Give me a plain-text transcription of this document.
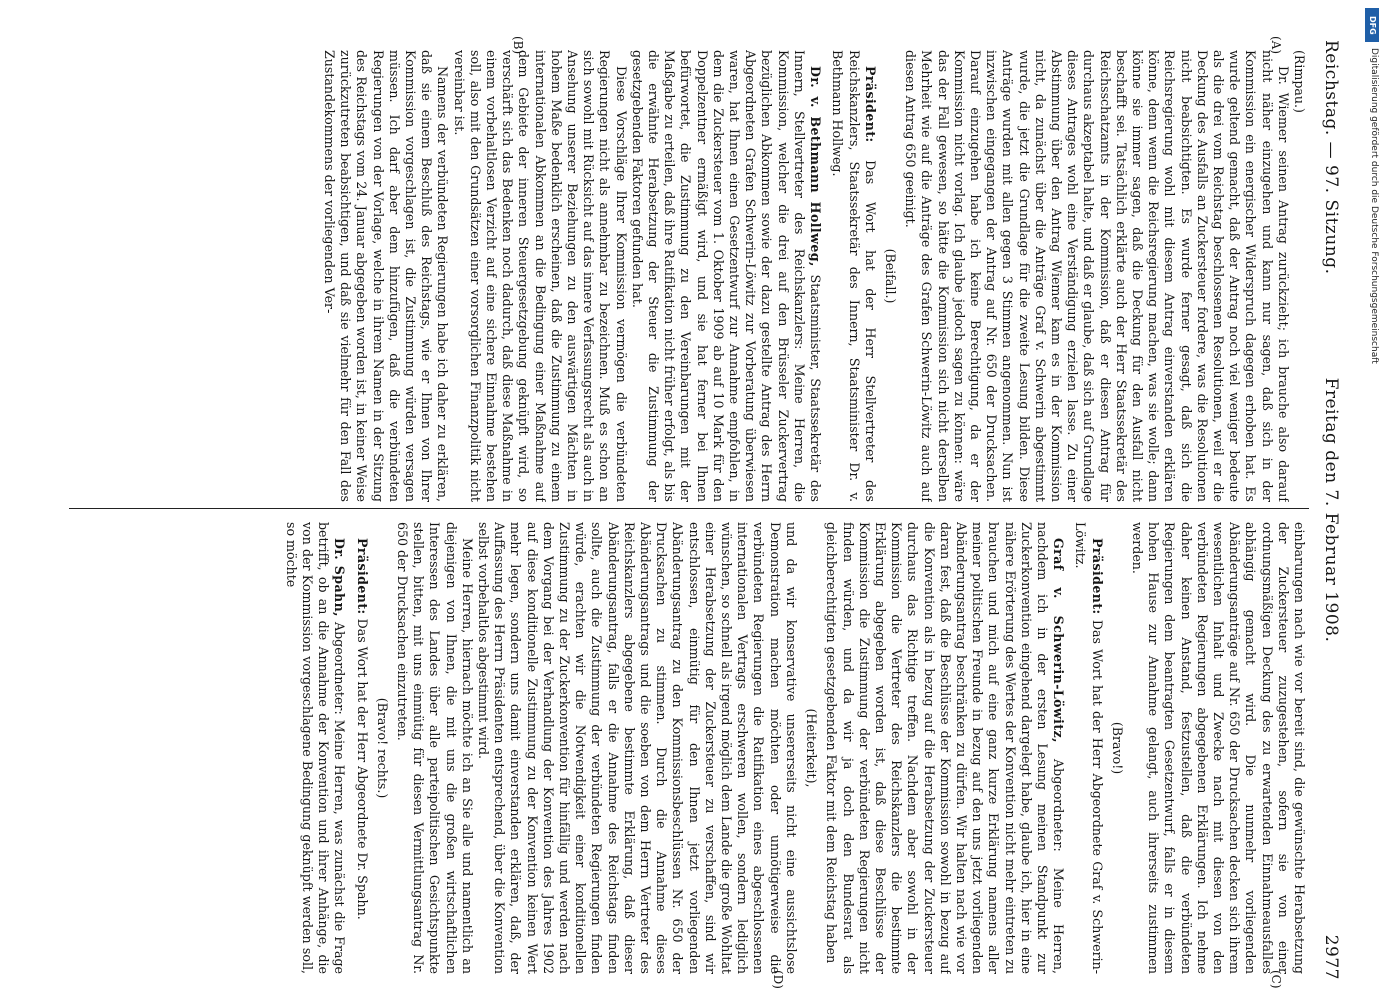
Reichstag. — 97. Sitzung.
Freitag den 7. Februar 1908.
2977
(A)
(B)
(C)
(D)

(Rimpau.)

Dr. Wiemer seinen Antrag zurückzieht; ich brauche also darauf nicht näher einzugehen und kann nur sagen, daß sich in der Kommission ein energischer Widerspruch dagegen erhoben hat. Es wurde geltend gemacht, daß der Antrag noch viel weniger bedeute als die drei vom Reichstag beschlossenen Resolutionen, weil er die Deckung des Ausfalls an Zuckersteuer fordere, was die Resolutionen nicht beabsichtigten. Es wurde ferner gesagt, daß sich die Reichsregierung wohl mit diesem Antrag einverstanden erklären könne, denn wenn die Reichsregierung machen, was sie wolle; dann könne sie immer sagen, daß die Deckung für den Ausfall nicht beschafft sei. Tatsächlich erklärte auch der Herr Staatssekretär des Reichsschatzamts in der Kommission, daß er diesen Antrag für durchaus akzeptabel halte, und daß er glaube, daß sich auf Grundlage dieses Antrages wohl eine Verständigung erzielen lasse. Zu einer Abstimmung über den Antrag Wiemer kam es in der Kommission nicht, da zunächst über die Anträge Graf v. Schwerin abgestimmt wurde, die jetzt die Grundlage für die zweite Lesung bilden. Diese Anträge wurden mit allen gegen 3 Stimmen angenommen. Nun ist inzwischen eingegangen der Antrag auf Nr. 650 der Drucksachen. Darauf einzugehen habe ich keine Berechtigung, da er der Kommission nicht vorlag. Ich glaube jedoch sagen zu können: wäre das der Fall gewesen, so hätte die Kommission sich nicht derselben Mehrheit wie auf die Anträge des Grafen Schwerin-Löwitz auch auf diesen Antrag 650 geeinigt.

(Beifall.)

Präsident: Das Wort hat der Herr Stellvertreter des Reichskanzlers, Staatssekretär des Innern, Staatsminister Dr. v. Bethmann Hollweg.

Dr. v. Bethmann Hollweg, Staatsminister, Staatssekretär des Innern, Stellvertreter des Reichskanzlers: Meine Herren, die Kommission, welcher die drei auf den Brüsseler Zuckervertrag bezüglichen Abkommen sowie der dazu gestellte Antrag des Herrn Abgeordneten Grafen Schwerin-Löwitz zur Vorberatung überwiesen waren, hat Ihnen einen Gesetzentwurf zur Annahme empfohlen, in dem die Zuckersteuer vom 1. Oktober 1909 ab auf 10 Mark für den Doppelzentner ermäßigt wird, und sie hat ferner bei Ihnen befürwortet, die Zustimmung zu den Vereinbarungen mit der Maßgabe zu erteilen, daß ihre Ratifikation nicht früher erfolgt, als bis die erwähnte Herabsetzung der Steuer die Zustimmung der gesetzgebenden Faktoren gefunden hat.

Diese Vorschläge Ihrer Kommission vermögen die verbündeten Regierungen nicht als annehmbar zu bezeichnen. Muß es schon an sich sowohl mit Rücksicht auf das innere Verfassungsrecht als auch in Ansehung unserer Beziehungen zu den auswärtigen Mächten in hohem Maße bedenklich erscheinen, daß die Zustimmung zu einem internationalen Abkommen an die Bedingung einer Maßnahme auf dem Gebiete der inneren Steuergesetzgebung geknüpft wird, so verschärft sich das Bedenken noch dadurch, daß diese Maßnahme in einem vorbehaltlosen Verzicht auf eine sichere Einnahme bestehen soll, also mit den Grundsätzen einer vorsorglichen Finanzpolitik nicht vereinbar ist.

Namens der verbündeten Regierungen habe ich daher zu erklären, daß sie einem Beschluß des Reichstags, wie er Ihnen von Ihrer Kommission vorgeschlagen ist, die Zustimmung würden versagen müssen. Ich darf aber dem hinzufügen, daß die verbündeten Regierungen von der Vorlage, welche in ihrem Namen in der Sitzung des Reichstags vom 24. Januar abgegeben worden ist, in keiner Weise zurückzutreten beabsichtigen, und daß sie vielmehr für den Fall des Zustandekommens der vorliegenden Ver-

einbarungen nach wie vor bereit sind, die gewünschte Herabsetzung der Zuckersteuer zuzugestehen, sofern sie von einer ordnungsmäßigen Deckung des zu erwartenden Einnahmeausfalles abhängig gemacht wird. Die nunmehr vorliegenden Abänderungsanträge auf Nr. 650 der Drucksachen decken sich ihrem wesentlichen Inhalt und Zwecke nach mit diesen von den verbündeten Regierungen abgegebenen Erklärungen. Ich nehme daher keinen Anstand, festzustellen, daß die verbündeten Regierungen dem beantragten Gesetzentwurf, falls er in diesem hohen Hause zur Annahme gelangt, auch ihrerseits zustimmen werden.

(Bravo!)

Präsident: Das Wort hat der Herr Abgeordnete Graf v. Schwerin-Löwitz.

Graf v. Schwerin-Löwitz, Abgeordneter: Meine Herren, nachdem ich in der ersten Lesung meinen Standpunkt zur Zuckerkonvention eingehend dargelegt habe, glaube ich, hier in eine nähere Erörterung des Wertes der Konvention nicht mehr eintreten zu brauchen und mich auf eine ganz kurze Erklärung namens aller meiner politischen Freunde in bezug auf den uns jetzt vorliegenden Abänderungsantrag beschränken zu dürfen. Wir halten nach wie vor daran fest, daß die Beschlüsse der Kommission sowohl in bezug auf die Konvention als in bezug auf die Herabsetzung der Zuckersteuer durchaus das Richtige treffen. Nachdem aber sowohl in der Kommission die Vertreter des Reichskanzlers die bestimmte Erklärung abgegeben worden ist, daß diese Beschlüsse der Kommission die Zustimmung der verbündeten Regierungen nicht finden würden, und da wir ja doch den Bundesrat als gleichberechtigten gesetzgebenden Faktor mit dem Reichstag haben

(Heiterkeit),

und da wir konservative unsererseits nicht eine aussichtslose Demonstration machen möchten oder unnötigerweise die verbündeten Regierungen die Ratifikation eines abgeschlossenen internationalen Vertrags erschweren wollen, sondern lediglich wünschen, so schnell als irgend möglich dem Lande die große Wohltat einer Herabsetzung der Zuckersteuer zu verschaffen, sind wir entschlossen, einmütig für den Ihnen jetzt vorliegenden Abänderungsantrag zu den Kommissionsbeschlüssen Nr. 650 der Drucksachen zu stimmen. Durch die Annahme dieses Abänderungsantrags und die soeben von dem Herrn Vertreter des Reichskanzlers abgegebene bestimmte Erklärung, daß dieser Abänderungsantrag, falls er die Annahme des Reichstags finden sollte, auch die Zustimmung der verbündeten Regierungen finden würde, erachten wir die Notwendigkeit einer konditionellen Zustimmung zu der Zuckerkonvention für hinfällig und werden nach dem Vorgang bei der Verhandlung der Konvention des Jahres 1902 auf diese konditionelle Zustimmung zu der Konvention keinen Wert mehr legen, sondern uns damit einverstanden erklären, daß, der Auffassung des Herrn Präsidenten entsprechend, über die Konvention selbst vorbehaltlos abgestimmt wird.

Meine Herren, hiernach möchte ich an Sie alle und namentlich an diejenigen von Ihnen, die mit uns die großen wirtschaftlichen Interessen des Landes über alle parteipolitischen Gesichtspunkte stellen, bitten, mit uns einmütig für diesen Vermittlungsantrag Nr. 650 der Drucksachen einzutreten.

(Bravo! rechts.)

Präsident: Das Wort hat der Herr Abgeordnete Dr. Spahn.

Dr. Spahn, Abgeordneter: Meine Herren, was zunächst die Frage betrifft, ob an die Annahme der Konvention und ihrer Anhänge, die von der Kommission vorgeschlagene Bedingung geknüpft werden soll, so möchte

DFG
Digitalisierung gefördert durch die Deutsche Forschungsgemeinschaft
